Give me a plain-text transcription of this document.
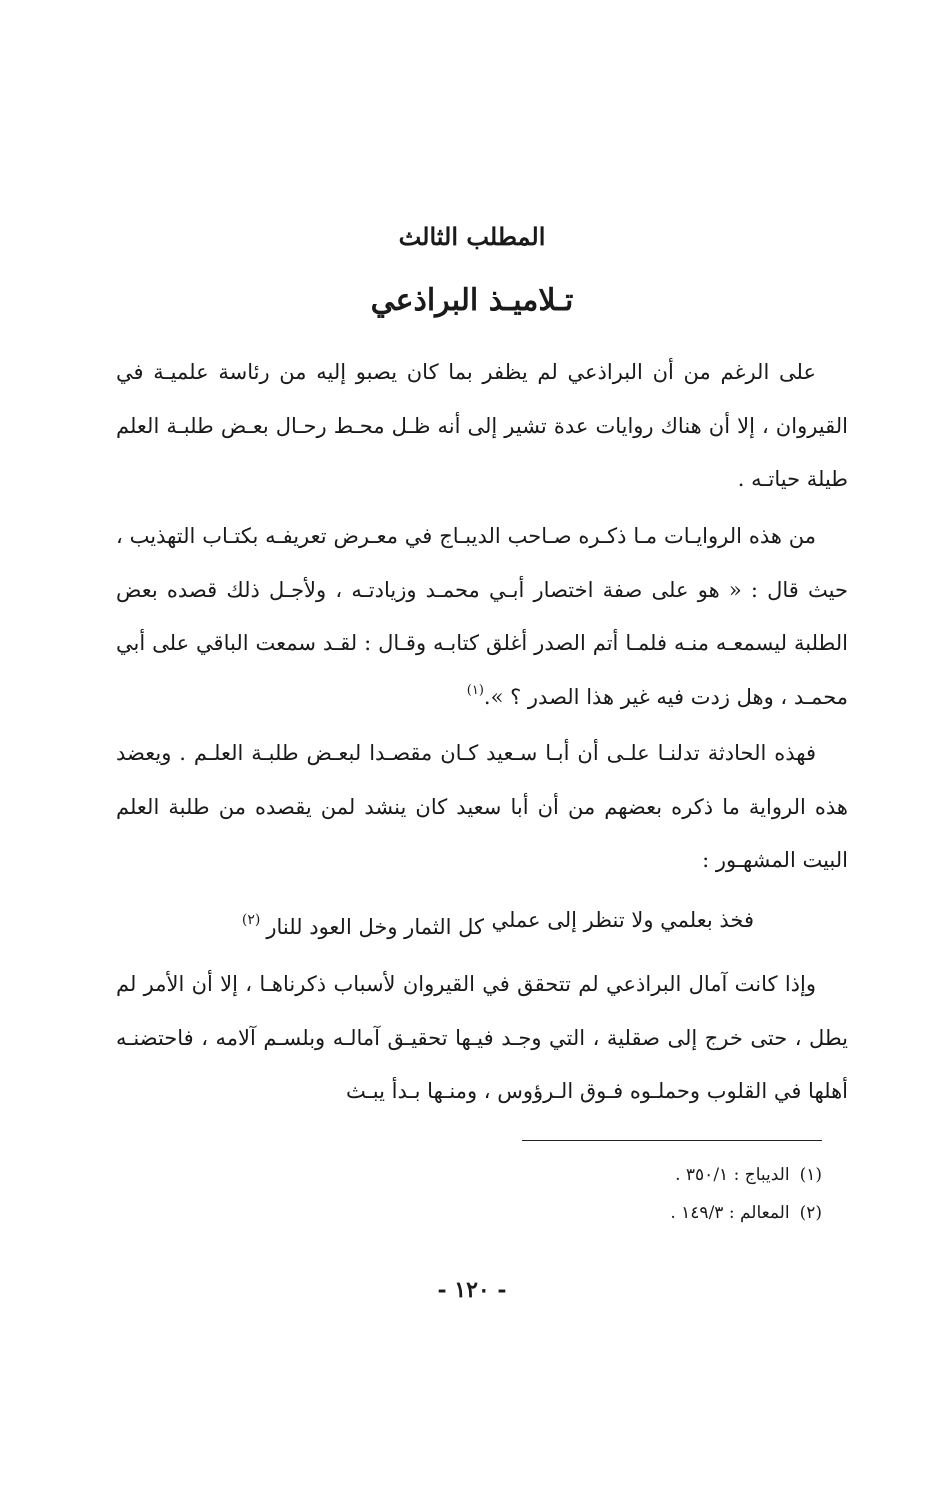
المطلب الثالث
تـلاميـذ البراذعي
على الرغم من أن البراذعي لم يظفر بما كان يصبو إليه من رئاسة علميـة في القيروان ، إلا أن هناك روايات عدة تشير إلى أنه ظـل محـط رحـال بعـض طلبـة العلم طيلة حياتـه .
من هذه الروايـات مـا ذكـره صـاحب الديبـاج في معـرض تعريفـه بكتـاب التهذيب ، حيث قال : « هو على صفة اختصار أبـي محمـد وزيادتـه ، ولأجـل ذلك قصده بعض الطلبة ليسمعـه منـه فلمـا أتم الصدر أغلق كتابـه وقـال : لقـد سمعت الباقي على أبي محمـد ، وهل زدت فيه غير هذا الصدر ؟ ».$^{(١)}$
فهذه الحادثة تدلنـا علـى أن أبـا سـعيد كـان مقصـدا لبعـض طلبـة العلـم . ويعضد هذه الرواية ما ذكره بعضهم من أن أبا سعيد كان ينشد لمن يقصده من طلبة العلم البيت المشهـور :
فخذ بعلمي ولا تنظر إلى عملي
كل الثمار وخل العود للنار$^{(٢)}$
وإذا كانت آمال البراذعي لم تتحقق في القيروان لأسباب ذكرناهـا ، إلا أن الأمر لم يطل ، حتى خرج إلى صقلية ، التي وجـد فيـها تحقيـق آمالـه وبلسـم آلامه ، فاحتضنـه أهلها في القلوب وحملـوه فـوق الـرؤوس ، ومنـها بـدأ يبـث
(١)الديباج : ٣٥٠/١ .
(٢)المعالم : ١٤٩/٣ .
- ١٢٠ -
